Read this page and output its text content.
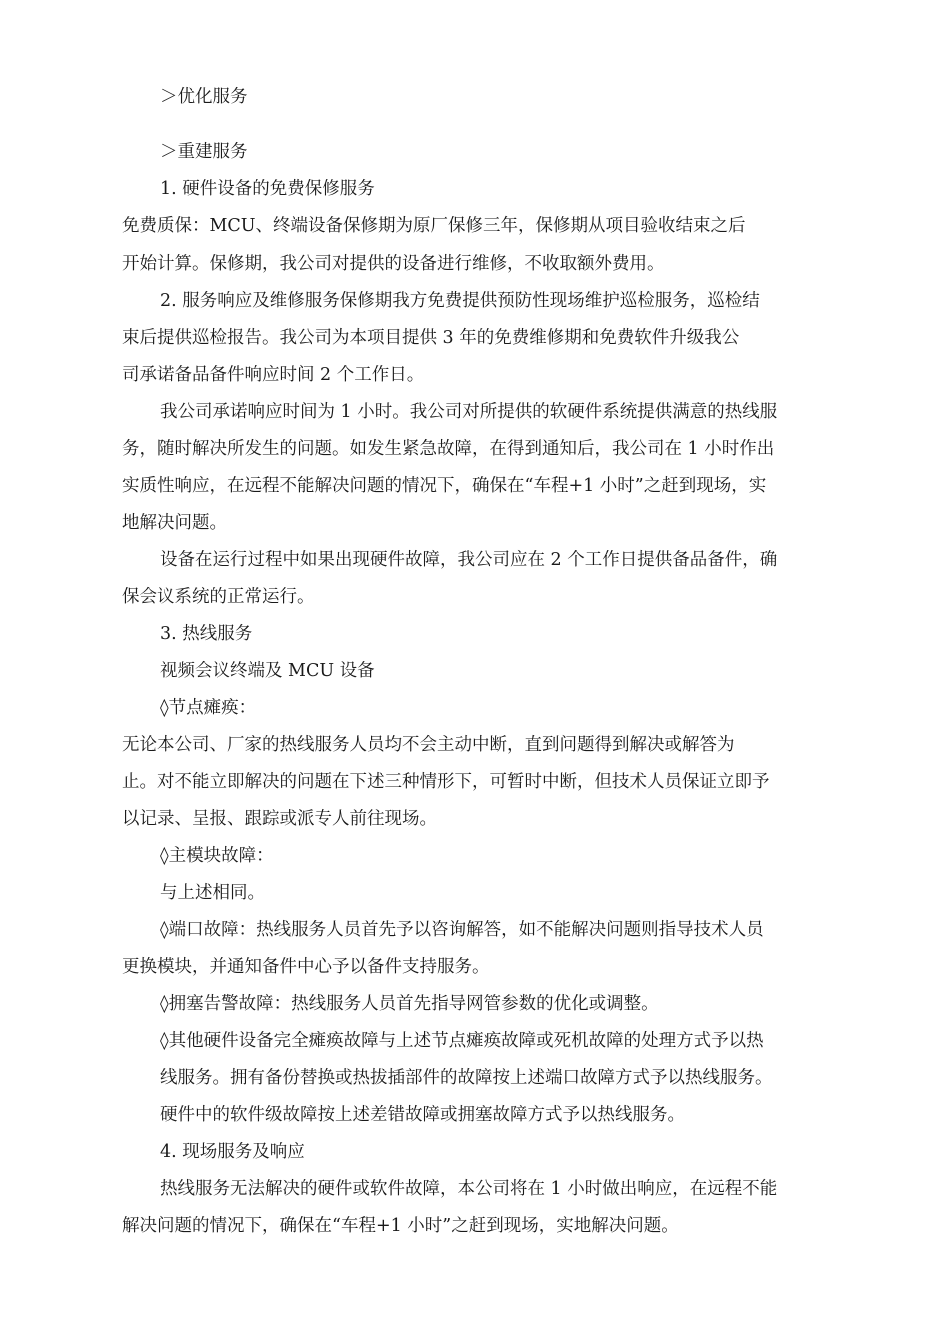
＞优化服务
＞重建服务
1. 硬件设备的免费保修服务
免费质保：MCU、终端设备保修期为原厂保修三年，保修期从项目验收结束之后
开始计算。保修期，我公司对提供的设备进行维修，不收取额外费用。
2. 服务响应及维修服务保修期我方免费提供预防性现场维护巡检服务，巡检结
束后提供巡检报告。我公司为本项目提供 3 年的免费维修期和免费软件升级我公
司承诺备品备件响应时间 2 个工作日。
我公司承诺响应时间为 1 小时。我公司对所提供的软硬件系统提供满意的热线服
务，随时解决所发生的问题。如发生紧急故障，在得到通知后，我公司在 1 小时作出
实质性响应，在远程不能解决问题的情况下，确保在“车程+1 小时”之赶到现场，实
地解决问题。
设备在运行过程中如果出现硬件故障，我公司应在 2 个工作日提供备品备件，确
保会议系统的正常运行。
3. 热线服务
视频会议终端及 MCU 设备
◊节点瘫痪：
无论本公司、厂家的热线服务人员均不会主动中断，直到问题得到解决或解答为
止。对不能立即解决的问题在下述三种情形下，可暂时中断，但技术人员保证立即予
以记录、呈报、跟踪或派专人前往现场。
◊主模块故障：
与上述相同。
◊端口故障：热线服务人员首先予以咨询解答，如不能解决问题则指导技术人员
更换模块，并通知备件中心予以备件支持服务。
◊拥塞告警故障：热线服务人员首先指导网管参数的优化或调整。
◊其他硬件设备完全瘫痪故障与上述节点瘫痪故障或死机故障的处理方式予以热
线服务。拥有备份替换或热拔插部件的故障按上述端口故障方式予以热线服务。
硬件中的软件级故障按上述差错故障或拥塞故障方式予以热线服务。
4. 现场服务及响应
热线服务无法解决的硬件或软件故障，本公司将在 1 小时做出响应，在远程不能
解决问题的情况下，确保在“车程+1 小时”之赶到现场，实地解决问题。
